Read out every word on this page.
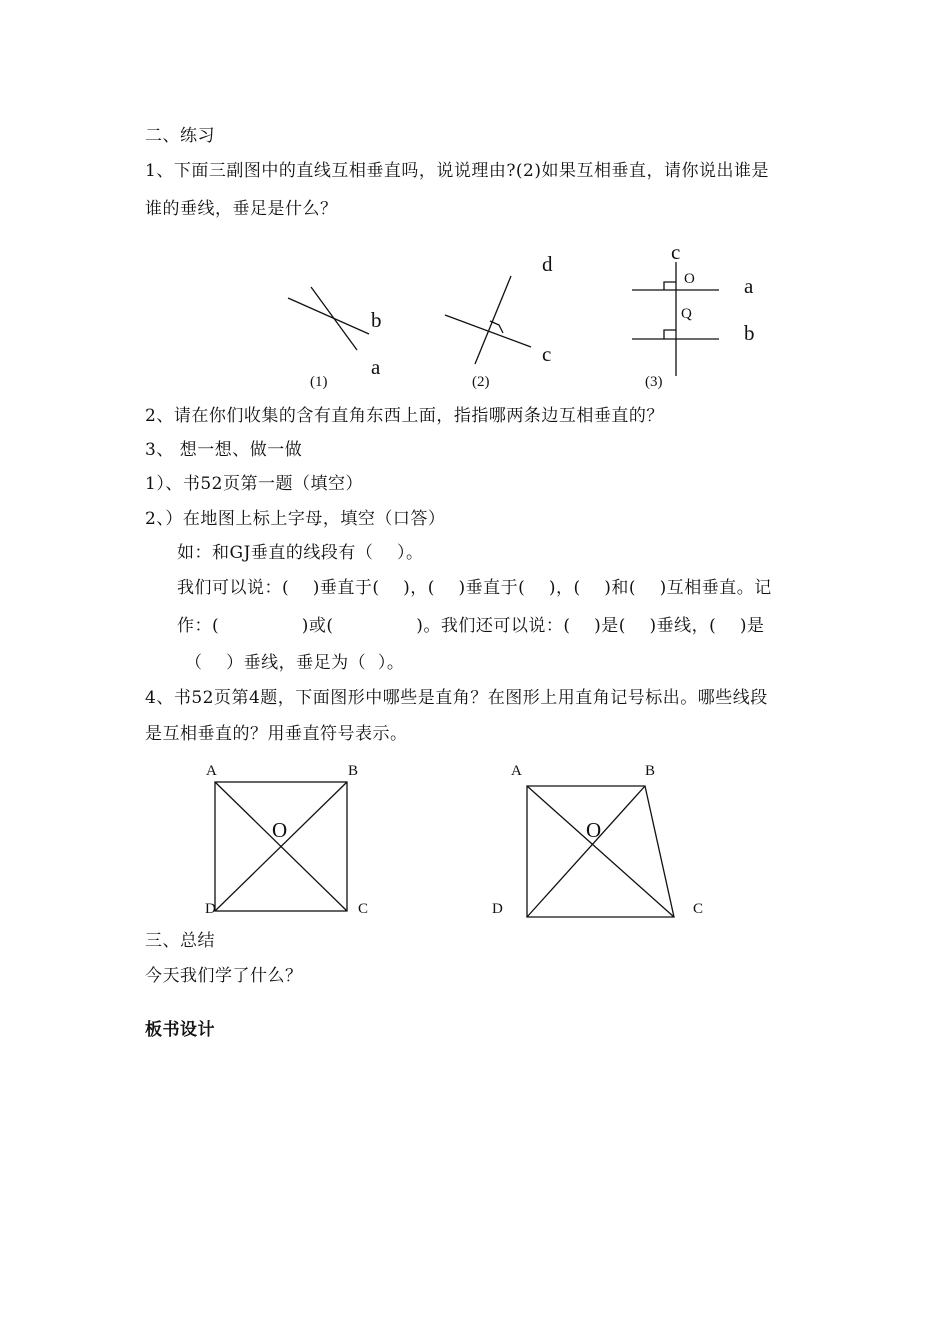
二、练习
1、下面三副图中的直线互相垂直吗，说说理由?(2)如果互相垂直，请你说出谁是
谁的垂线，垂足是什么？
2、请在你们收集的含有直角东西上面，指指哪两条边互相垂直的？
3、 想一想、做一做
1）、书52页第一题（填空）
2、）在地图上标上字母，填空（口答）
如：和GJ垂直的线段有（    ）。
我们可以说：(    )垂直于(    )，(    )垂直于(    )，(    )和(    )互相垂直。记
作：(              )或(              )。我们还可以说：(    )是(    )垂线，(    )是
（    ）垂线，垂足为（  ）。
4、书52页第4题，下面图形中哪些是直角？在图形上用直角记号标出。哪些线段
是互相垂直的？用垂直符号表示。
三、总结
今天我们学了什么？
板书设计
b
a
(1)
d
c
(2)
c
a
b
O
Q
(3)
A	B
C
D
O
A	B
C
D
O
